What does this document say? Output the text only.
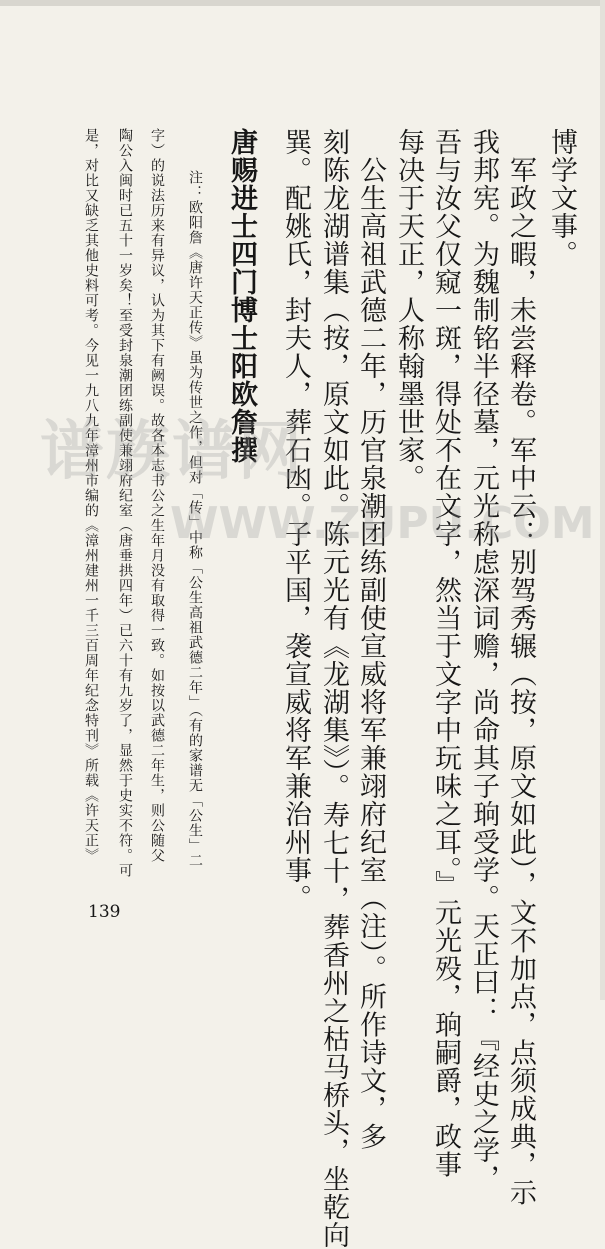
博学文事。
　军政之暇，未尝释卷。军中云：别驾秀辗（按，原文如此），文不加点，点须成典，示
我邦宪。为魏制铭半径墓，元光称虑深词赡，尚命其子珦受学。天正曰：『经史之学，
吾与汝父仅窥一斑，得处不在文字，然当于文字中玩味之耳。』元光殁，珦嗣爵，政事
每决于天正，人称翰墨世家。
　公生高祖武德二年，历官泉潮团练副使宣威将军兼翊府纪室（注）。所作诗文，多
刻陈龙湖谱集（按，原文如此。陈元光有《龙湖集》）。寿七十，葬香州之枯马桥头，坐乾向
巽。配姚氏，封夫人，葬石凼。子平国，袭宣威将军兼治州事。
唐赐进士四门博士阳欧詹撰
　注：欧阳詹《唐许天正传》虽为传世之作，但对「传」中称「公生高祖武德二年」（有的家谱无「公生」二
字）的说法历来有异议，认为其下有阙误。故各本志书公之生年月没有取得一致。如按以武德二年生，则公随父
陶公入闽时已五十一岁矣！至受封泉潮团练副使兼翊府纪室（唐垂拱四年）已六十有九岁了，显然于史实不符。可
是，对比又缺乏其他史料可考。今见一九八九年漳州市编的《漳州建州一千三百周年纪念特刊》所载《许天正》
谱族谱网
WWW.ZUPU.COM
139
